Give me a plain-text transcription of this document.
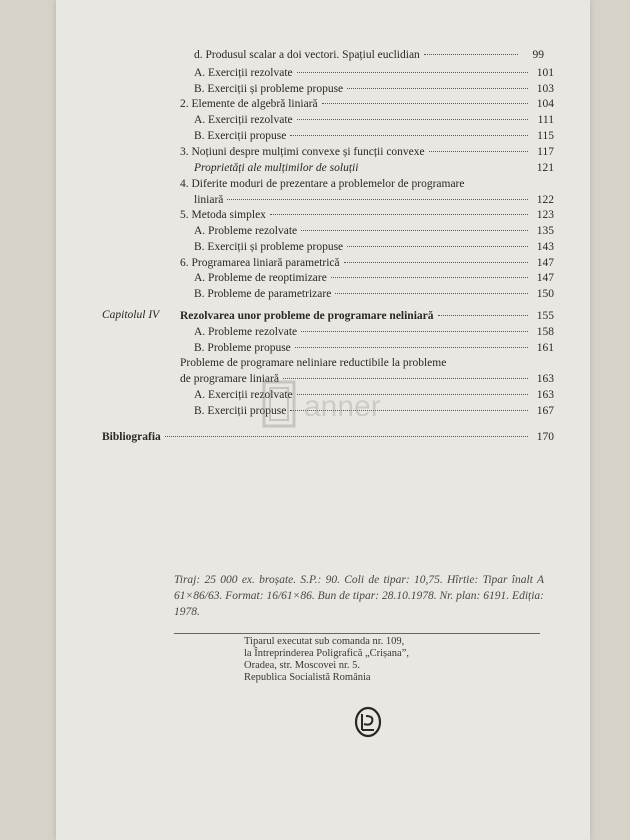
d. Produsul scalar a doi vectori. Spațiul euclidian	99
A. Exerciții rezolvate	101
B. Exerciții și probleme propuse	103
2. Elemente de algebră liniară	104
A. Exerciții rezolvate	111
B. Exerciții propuse	115
3. Noțiuni despre mulțimi convexe și funcții convexe	117
Proprietăți ale mulțimilor de soluții	121
4. Diferite moduri de prezentare a problemelor de programare
liniară	122
5. Metoda simplex	123
A. Probleme rezolvate	135
B. Exerciții și probleme propuse	143
6. Programarea liniară parametrică	147
A. Probleme de reoptimizare	147
B. Probleme de parametrizare	150
Capitolul IV Rezolvarea unor probleme de programare neliniară	155
A. Probleme rezolvate	158
B. Probleme propuse	161
Probleme de programare neliniare reductibile la probleme
de programare liniară	163
A. Exerciții rezolvate	163
B. Exerciții propuse	167
Bibliografia	170
anner
Tiraj: 25 000 ex. broșate. S.P.: 90. Coli de tipar: 10,75. Hîrtie: Tipar înalt A 61×86/63. Format: 16/61×86. Bun de tipar: 28.10.1978. Nr. plan: 6191. Ediția: 1978.
Tiparul executat sub comanda nr. 109,
la Întreprinderea Poligrafică „Crișana”,
Oradea, str. Moscovei nr. 5.
Republica Socialistă România
